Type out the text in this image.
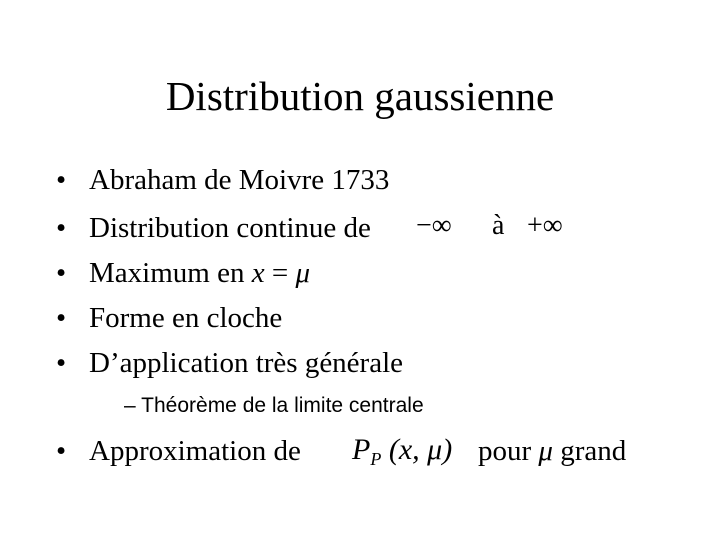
Distribution gaussienne
• Abraham de Moivre 1733
• Distribution continue de −∞ à +∞
• Maximum en x = μ
• Forme en cloche
• D’application très générale
– Théorème de la limite centrale
• Approximation de $P_P$ (x, μ) pour μ grand
